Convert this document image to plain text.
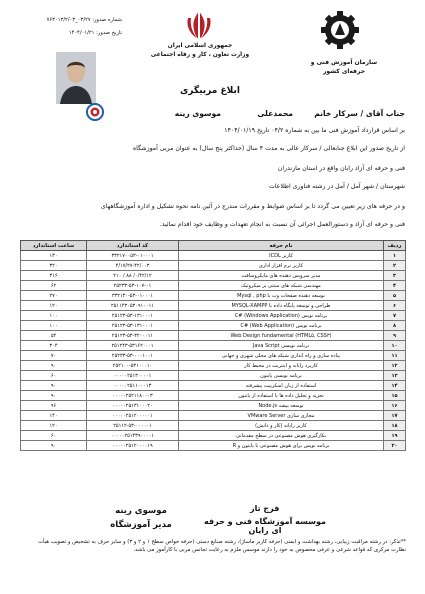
شماره صدور: ۰۳/۲۷_۷۶۳۰۱۳/۲/۰۳
تاریخ صدور: ۱۴۰۴/۰۱/۲۱
جمهوری اسلامی ایران
وزارت تعاون ، کار و رفاه اجتماعی
سازمان آموزش فنی و حرفه‌ای کشور
ابلاغ مربیگری
جناب آقای / سرکار خانم
محمدعلی
موسوی رینه
بر اساس قرارداد آموزش فنی ما بین به شماره ۰۴/۲ تاریخ ۱۴۰۴/۰۱/۱۹
از تاریخ صدور این ابلاغ جنابعالی / سرکار عالی به مدت ۴ سال (حداکثر پنج سال) به عنوان مربی آموزشگاه
فنی و حرفه ای آزاد رایان واقع در استان مازندران
شهرستان / شهر آمل / آمل در رشته فناوری اطلاعات
و در حرفه های زیر تعیین می گردد تا بر اساس ضوابط و مقررات مندرج در آئین نامه نحوه تشکیل و اداره آموزشگاههای
فنی و حرفه ای آزاد و دستورالعمل اجرائی آن نسبت به انجام تعهدات و وظایف خود اقدام نمائید.
ردیف	نام حرفه	کد استاندارد	ساعت استاندارد
۱	کاربر ICDL	۳۳۲۱۷۰۰۵۳-۰۱۰۰۰۱	۱۳۰
۲	کاربر نرم افزار اداری	۴/۱۷/۲۷-۴۲/۰۰۳	۳۲۰
۳	مدیر سرویس دهنده های مایکروسافت	۰/۴۲/۱۲/ ۸۸ / ۲۱۰	۳۱۶
۴	مهندسی شبکه های مبتنی بر میکروتیک	۲۵۲۳۳-۵۳-۱۰۷-۰۱	۶۲
۵	توسعه دهنده صفحات وب با Mysql , php	۳۳۲۱۳۰-۵۳-۰۱۰۰۰۱	۲۷۰
۶	طراحی و توسعه پایگاه داده با MYSQL-XAMPP	۲۵۱۱۴۳۰۵۳۰۹۱۰۰۱۱	۱۲۰
۷	برنامه نویس C# (Windows Application)	۲۵۱۲۳-۵۳-۱۳۱۰۰۰۱	۱۰۰
۸	برنامه نویس C# (Web Application)	۲۵۱۲۳-۵۳-۱۳۱۰۰۰۱	۱۰۰
۹	(Web Design fundamental (HTML۵, CSS۳	۲۵۱۲۳-۵۳-۳۲۰۰۰۱۱	۵۴
۱۰	برنامه نویسی Java Script	۲۵۱۲۴۳-۵۳۱۶۲۰۰۰۱	۳۰۴
۱۱	پیاده سازی و راه اندازی شبکه های محلی شهری و جهانی	۲۵۲۳۳-۵۳-۰۰۰۱۰۰۱	۷۰
۱۲	کاربرد رایانه و اینترنت در محیط کار	۲۵۲۱۰۰-۵۳۱۰۰۰۱۰	۹۰
۱۳	برنامه نویسی پایتون	۰۰۰۰۰۲۵۱۳۰۰۰۰۱	۶۰
۱۴	استفاده از زبان اسکریپت پیشرفته	۰۰۰۰۰۲۵۱۱۰۰۰۱۳	۹۰
۱۵	تجزیه و تحلیل داده ها با استفاده از پایتون	۰۰۰۰۰۲۵۲۱۱۸۰۰۰۳	۹۰
۱۶	توسعه پیشه Node.js	۰۰۰۰۰۲۵۱۳۱۰۰۰۲۰	۹۶
۱۷	مجازی سازی VMware Server	۰۰۰۰۰۲۵۱۲۰۰۰۰۰۱	۱۴۰
۱۸	کاربر رایانه (کار و دانش)	۲۵۱۱۲-۵۳-۰۰۰۰۰۱	۱۲۰
۱۹	بکارگیری هوش مصنوعی در سطح مقدماتی	۰۰۰۰۰۲۵۱۴۳۹۰۰۰۰۱	۶۰
۲۰	برنامه نویس برای هوش مصنوعی با پایتون و R	۰۰۰۰۰۲۵۱۲۰۰۰۰۱۹	۹۰
فرج تاز
موسسه آموزشگاه فنی و حرفه ای رایان
موسوی رینه
مدیر آموزشگاه
**تذکر: در رشته مراقبت زیبایی، رشته بهداشت و ایمنی (حرفه کاربر ماساژ)، رشته صنایع دستی (حرفه خواص سطح ۱ و ۲ و ۳) و سایر حرف به تشخیص و تصویب هیأت نظارت مرکزی که قواعد شرعی و عرفی مخصوص به خود را دارند موسس ملزم به رعایت تجانس مربی با کارآموز می باشد.
